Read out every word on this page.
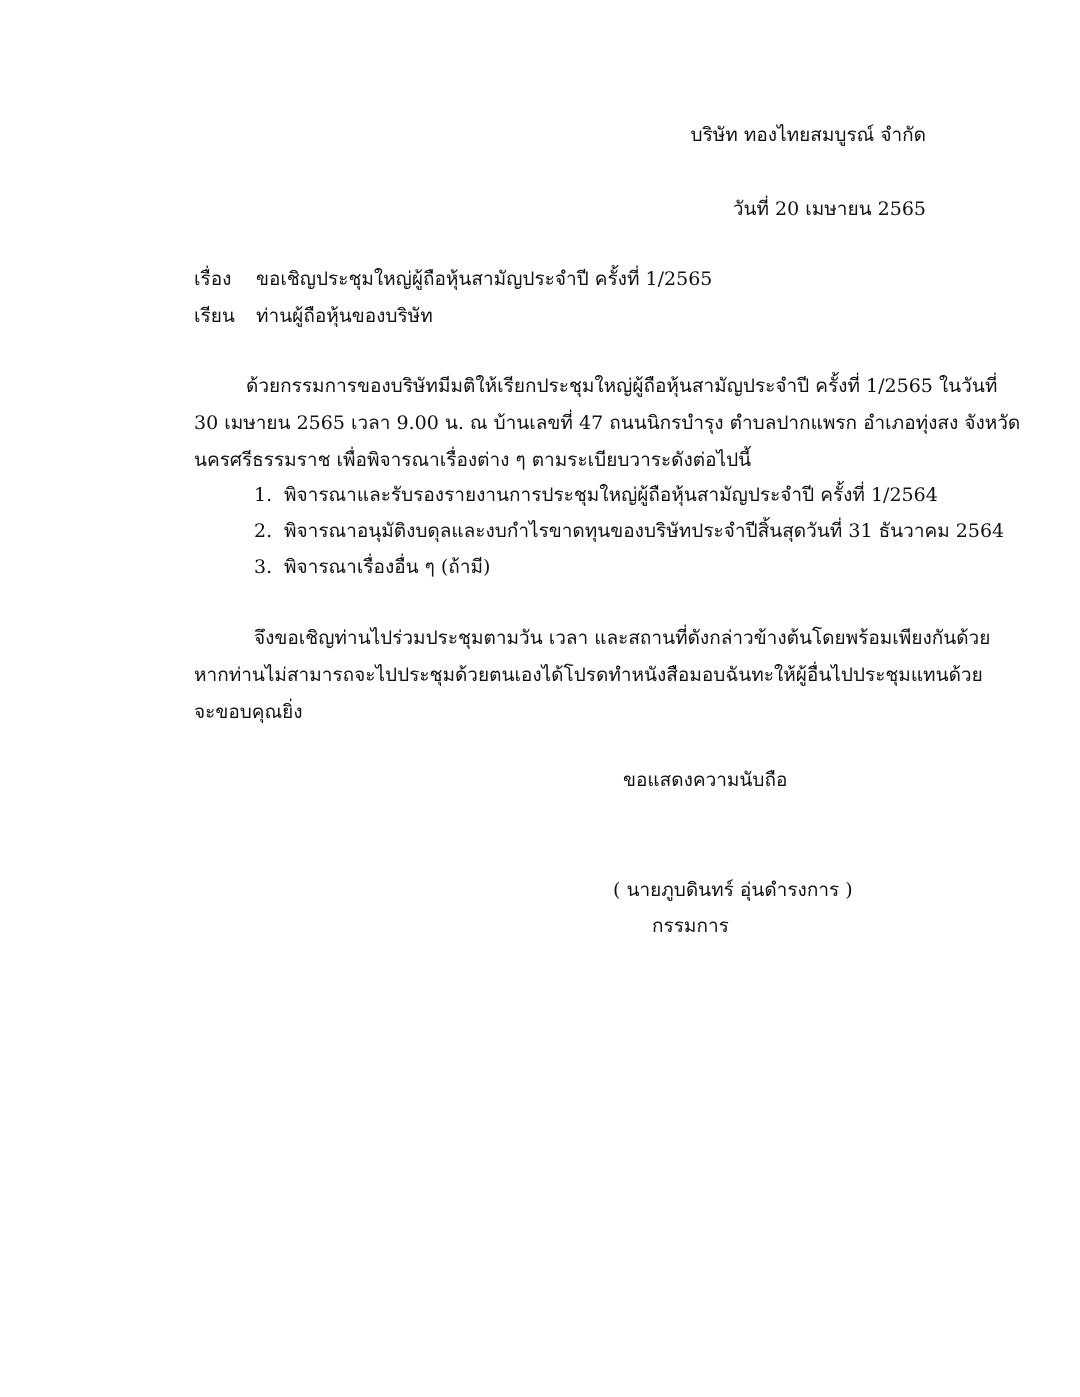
บริษัท ทองไทยสมบูรณ์ จำกัด
วันที่ 20 เมษายน 2565
เรื่อง ขอเชิญประชุมใหญ่ผู้ถือหุ้นสามัญประจำปี ครั้งที่ 1/2565
เรียน ท่านผู้ถือหุ้นของบริษัท
ด้วยกรรมการของบริษัทมีมติให้เรียกประชุมใหญ่ผู้ถือหุ้นสามัญประจำปี ครั้งที่ 1/2565 ในวันที่
30 เมษายน 2565 เวลา 9.00 น. ณ บ้านเลขที่ 47 ถนนนิกรบำรุง ตำบลปากแพรก อำเภอทุ่งสง จังหวัด
นครศรีธรรมราช เพื่อพิจารณาเรื่องต่าง ๆ ตามระเบียบวาระดังต่อไปนี้
1. พิจารณาและรับรองรายงานการประชุมใหญ่ผู้ถือหุ้นสามัญประจำปี ครั้งที่ 1/2564
2. พิจารณาอนุมัติงบดุลและงบกำไรขาดทุนของบริษัทประจำปีสิ้นสุดวันที่ 31 ธันวาคม 2564
3. พิจารณาเรื่องอื่น ๆ (ถ้ามี)
จึงขอเชิญท่านไปร่วมประชุมตามวัน เวลา และสถานที่ดังกล่าวข้างต้นโดยพร้อมเพียงกันด้วย
หากท่านไม่สามารถจะไปประชุมด้วยตนเองได้โปรดทำหนังสือมอบฉันทะให้ผู้อื่นไปประชุมแทนด้วย
จะขอบคุณยิ่ง
ขอแสดงความนับถือ
( นายภูบดินทร์ อุ่นดำรงการ )
กรรมการ
